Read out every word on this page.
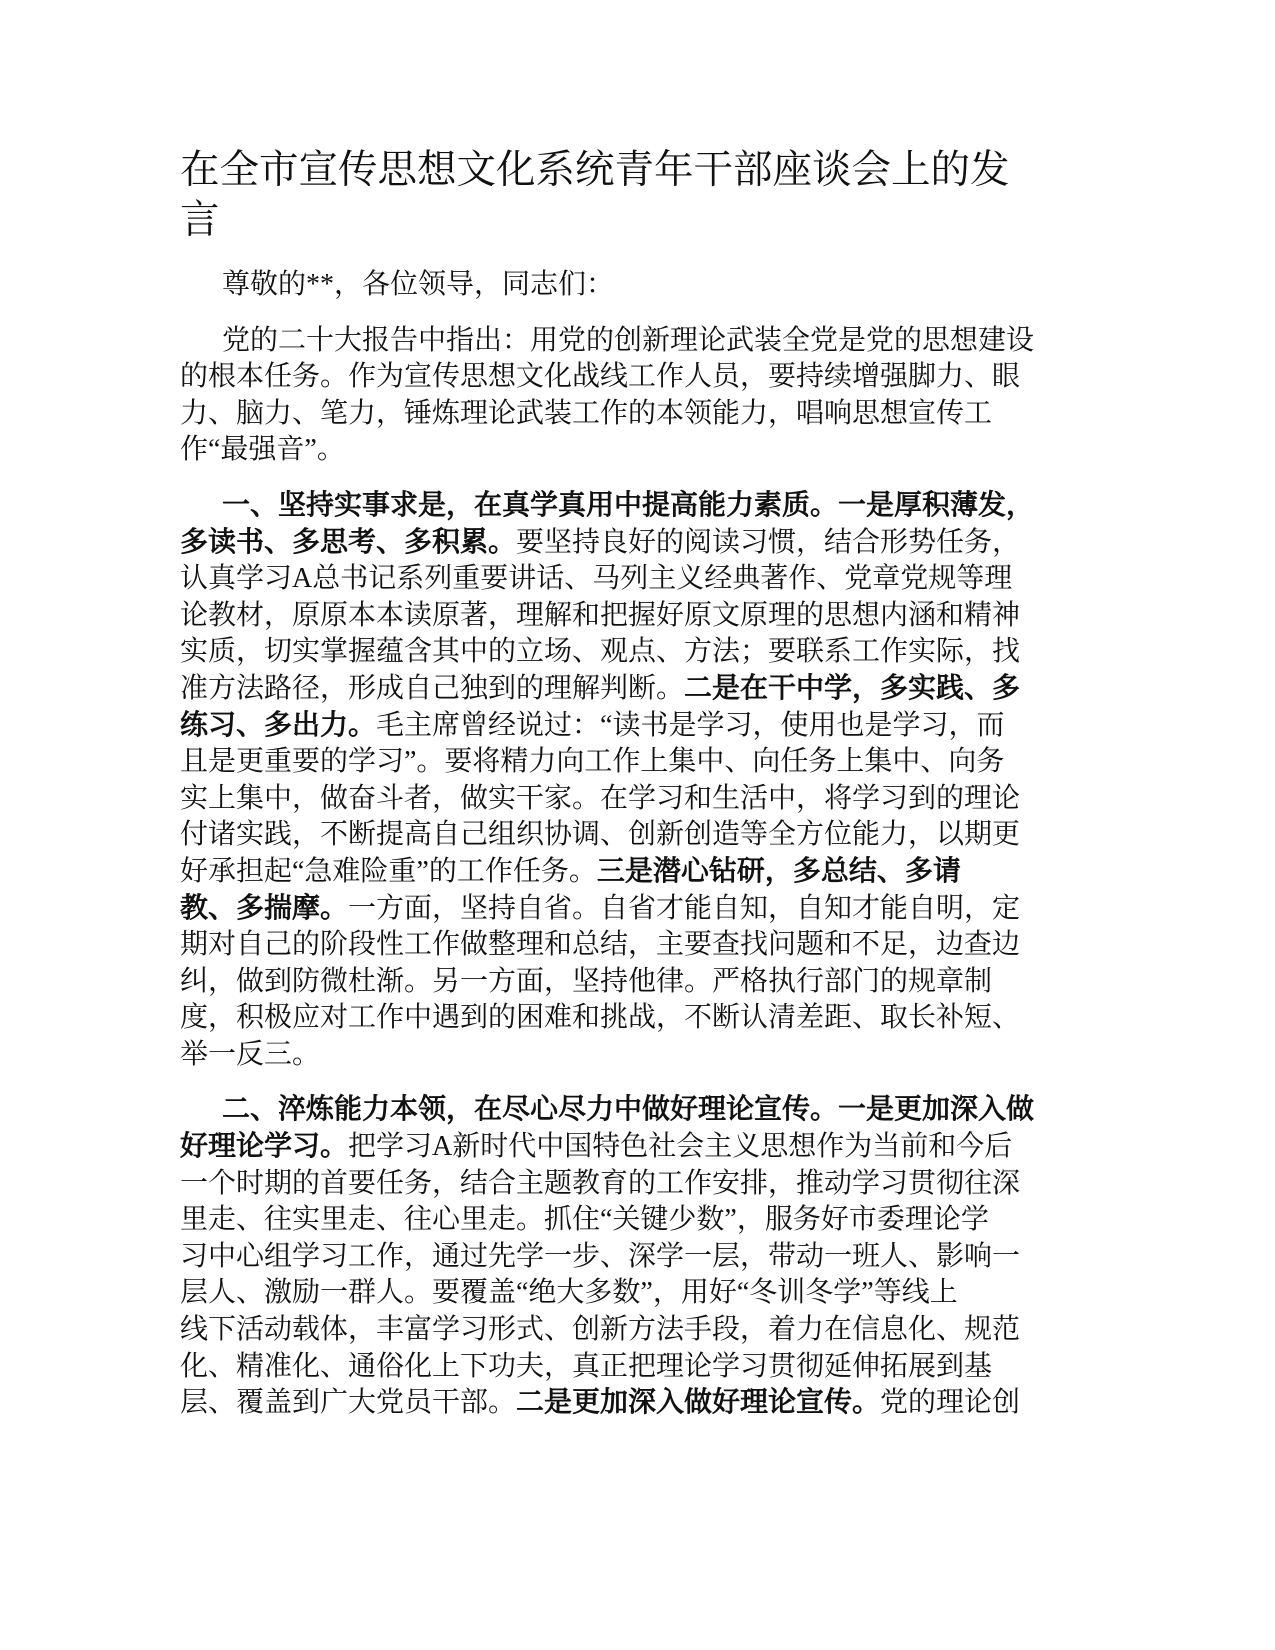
在全市宣传思想文化系统青年干部座谈会上的发
言
尊敬的**，各位领导，同志们：
党的二十大报告中指出：用党的创新理论武装全党是党的思想建设
的根本任务。作为宣传思想文化战线工作人员，要持续增强脚力、眼
力、脑力、笔力，锤炼理论武装工作的本领能力，唱响思想宣传工
作“最强音”。
一、坚持实事求是，在真学真用中提高能力素质。一是厚积薄发，
多读书、多思考、多积累。要坚持良好的阅读习惯，结合形势任务，
认真学习A总书记系列重要讲话、马列主义经典著作、党章党规等理
论教材，原原本本读原著，理解和把握好原文原理的思想内涵和精神
实质，切实掌握蕴含其中的立场、观点、方法；要联系工作实际，找
准方法路径，形成自己独到的理解判断。二是在干中学，多实践、多
练习、多出力。毛主席曾经说过：“读书是学习，使用也是学习，而
且是更重要的学习”。要将精力向工作上集中、向任务上集中、向务
实上集中，做奋斗者，做实干家。在学习和生活中，将学习到的理论
付诸实践，不断提高自己组织协调、创新创造等全方位能力，以期更
好承担起“急难险重”的工作任务。三是潜心钻研，多总结、多请
教、多揣摩。一方面，坚持自省。自省才能自知，自知才能自明，定
期对自己的阶段性工作做整理和总结，主要查找问题和不足，边查边
纠，做到防微杜渐。另一方面，坚持他律。严格执行部门的规章制
度，积极应对工作中遇到的困难和挑战，不断认清差距、取长补短、
举一反三。
二、淬炼能力本领，在尽心尽力中做好理论宣传。一是更加深入做
好理论学习。把学习A新时代中国特色社会主义思想作为当前和今后
一个时期的首要任务，结合主题教育的工作安排，推动学习贯彻往深
里走、往实里走、往心里走。抓住“关键少数”，服务好市委理论学
习中心组学习工作，通过先学一步、深学一层，带动一班人、影响一
层人、激励一群人。要覆盖“绝大多数”，用好“冬训冬学”等线上
线下活动载体，丰富学习形式、创新方法手段，着力在信息化、规范
化、精准化、通俗化上下功夫，真正把理论学习贯彻延伸拓展到基
层、覆盖到广大党员干部。二是更加深入做好理论宣传。党的理论创
